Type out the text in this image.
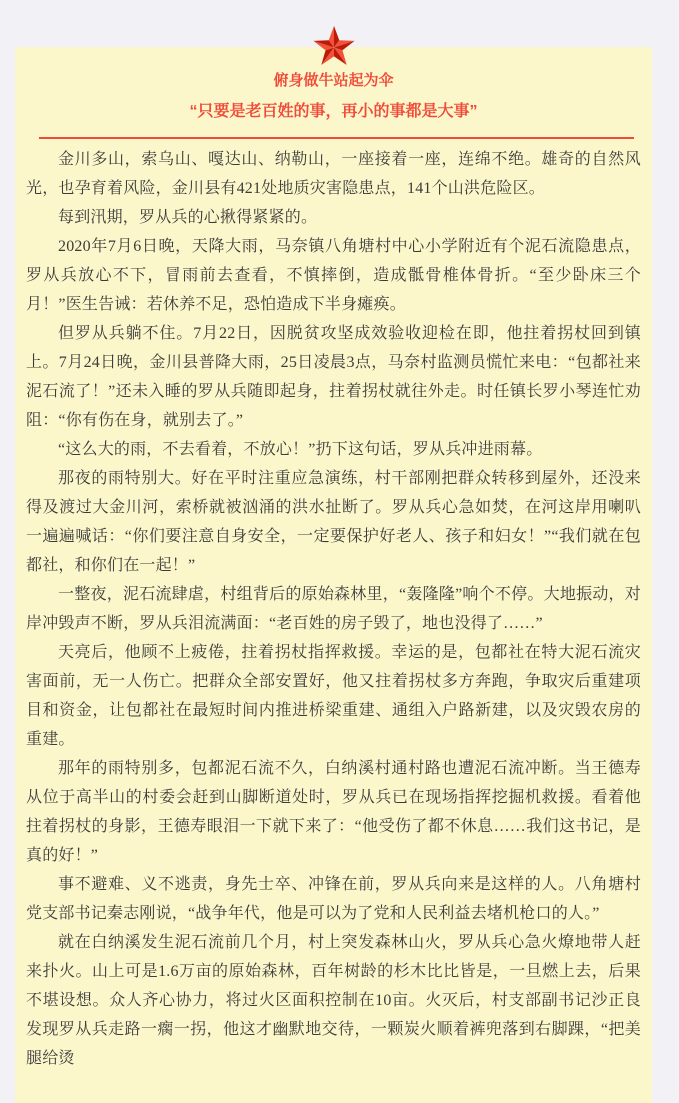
俯身做牛站起为伞
“只要是老百姓的事，再小的事都是大事”

金川多山，索乌山、嘎达山、纳勒山，一座接着一座，连绵不绝。雄奇的自然风光，也孕育着风险，金川县有421处地质灾害隐患点，141个山洪危险区。

每到汛期，罗从兵的心揪得紧紧的。

2020年7月6日晚，天降大雨，马奈镇八角塘村中心小学附近有个泥石流隐患点，罗从兵放心不下，冒雨前去查看，不慎摔倒，造成骶骨椎体骨折。“至少卧床三个月！”医生告诫：若休养不足，恐怕造成下半身瘫痪。

但罗从兵躺不住。7月22日，因脱贫攻坚成效验收迎检在即，他拄着拐杖回到镇上。7月24日晚，金川县普降大雨，25日凌晨3点，马奈村监测员慌忙来电：“包都社来泥石流了！”还未入睡的罗从兵随即起身，拄着拐杖就往外走。时任镇长罗小琴连忙劝阻：“你有伤在身，就别去了。”

“这么大的雨，不去看着，不放心！”扔下这句话，罗从兵冲进雨幕。

那夜的雨特别大。好在平时注重应急演练，村干部刚把群众转移到屋外，还没来得及渡过大金川河，索桥就被汹涌的洪水扯断了。罗从兵心急如焚，在河这岸用喇叭一遍遍喊话：“你们要注意自身安全，一定要保护好老人、孩子和妇女！”“我们就在包都社，和你们在一起！”

一整夜，泥石流肆虐，村组背后的原始森林里，“轰隆隆”响个不停。大地振动，对岸冲毁声不断，罗从兵泪流满面：“老百姓的房子毁了，地也没得了……”

天亮后，他顾不上疲倦，拄着拐杖指挥救援。幸运的是，包都社在特大泥石流灾害面前，无一人伤亡。把群众全部安置好，他又拄着拐杖多方奔跑，争取灾后重建项目和资金，让包都社在最短时间内推进桥梁重建、通组入户路新建，以及灾毁农房的重建。

那年的雨特别多，包都泥石流不久，白纳溪村通村路也遭泥石流冲断。当王德寿从位于高半山的村委会赶到山脚断道处时，罗从兵已在现场指挥挖掘机救援。看着他拄着拐杖的身影，王德寿眼泪一下就下来了：“他受伤了都不休息……我们这书记，是真的好！”

事不避难、义不逃责，身先士卒、冲锋在前，罗从兵向来是这样的人。八角塘村党支部书记秦志刚说，“战争年代，他是可以为了党和人民利益去堵机枪口的人。”

就在白纳溪发生泥石流前几个月，村上突发森林山火，罗从兵心急火燎地带人赶来扑火。山上可是1.6万亩的原始森林，百年树龄的杉木比比皆是，一旦燃上去，后果不堪设想。众人齐心协力，将过火区面积控制在10亩。火灭后，村支部副书记沙正良发现罗从兵走路一瘸一拐，他这才幽默地交待，一颗炭火顺着裤兜落到右脚踝，“把美腿给烫
